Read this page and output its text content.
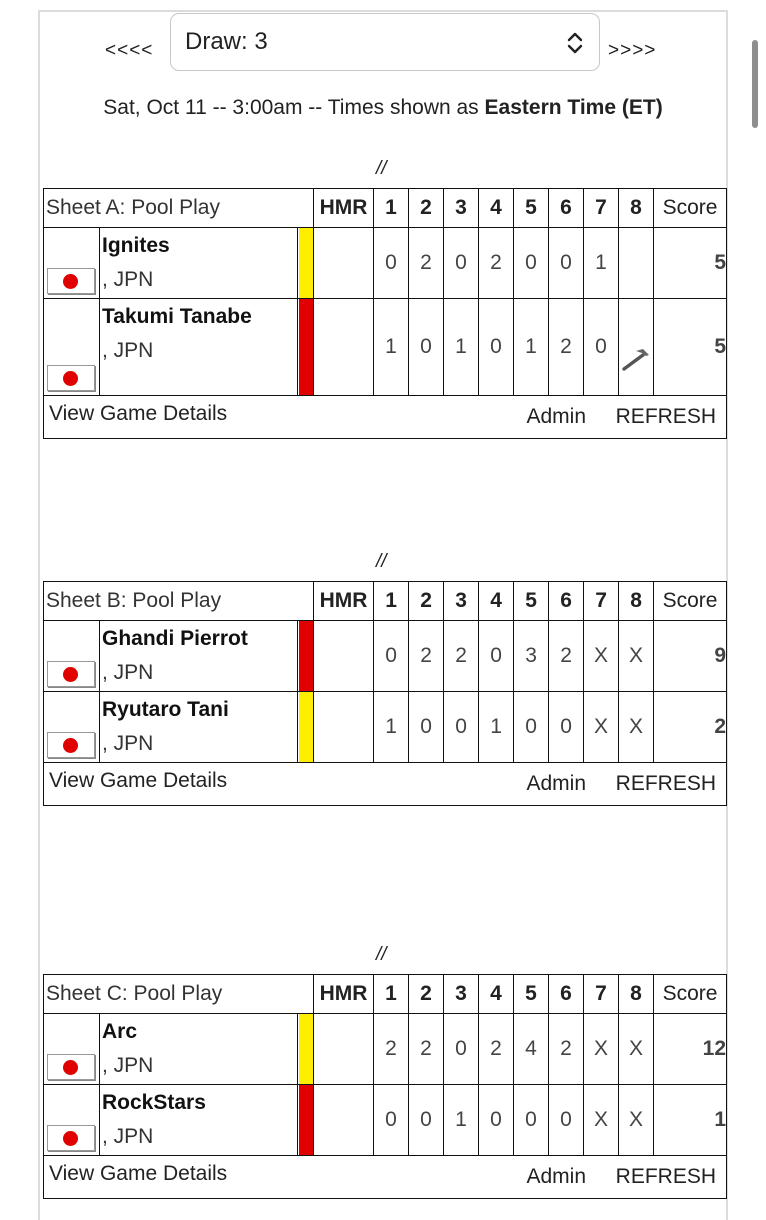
<<<<	Draw: 3	>>>>
Sat, Oct 11 -- 3:00am -- Times shown as Eastern Time (ET)
//
Sheet A: Pool Play			HMR	1	2	3	4	5	6	7	8	Score

	Ignites
, JPN			0	2	0	2	0	0	1		5

	Takumi Tanabe
, JPN			1	0	1	0	1	2	0		5

View Game Details Admin REFRESH												
//
Sheet B: Pool Play			HMR	1	2	3	4	5	6	7	8	Score

	Ghandi Pierrot
, JPN			0	2	2	0	3	2	X	X	9

	Ryutaro Tani
, JPN			1	0	0	1	0	0	X	X	2

View Game Details Admin REFRESH												
//
Sheet C: Pool Play			HMR	1	2	3	4	5	6	7	8	Score

	Arc
, JPN			2	2	0	2	4	2	X	X	12

	RockStars
, JPN			0	0	1	0	0	0	X	X	1

View Game Details Admin REFRESH												
